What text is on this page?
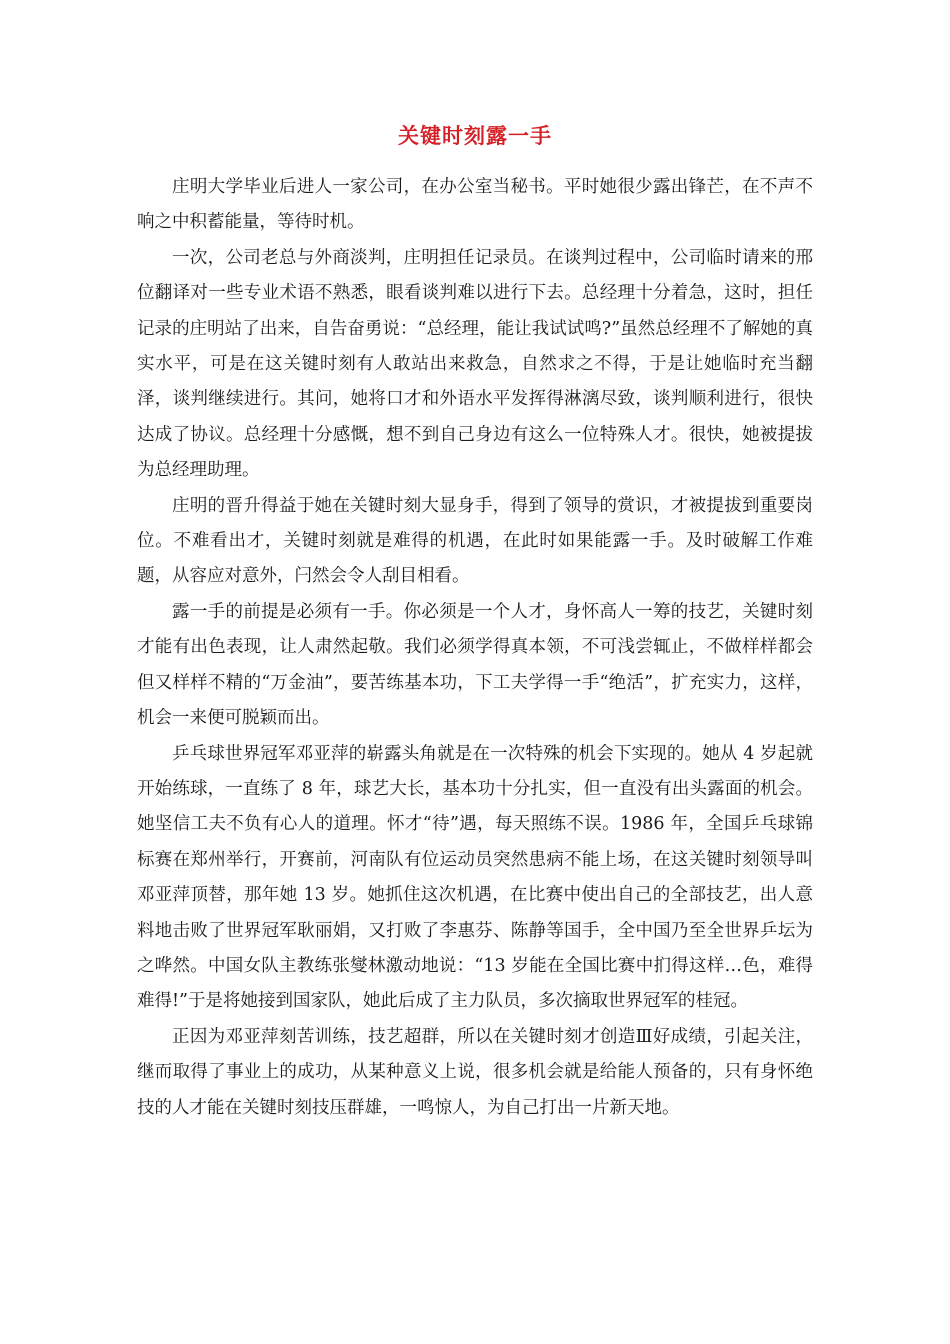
关键时刻露一手

庄明大学毕业后进人一家公司，在办公室当秘书。平时她很少露出锋芒，在不声不响之中积蓄能量，等待时机。

一次，公司老总与外商淡判，庄明担任记录员。在谈判过程中，公司临时请来的邢位翻译对一些专业术语不熟悉，眼看谈判难以进行下去。总经理十分着急，这时，担任记录的庄明站了出来，自告奋勇说：“总经理，能让我试试鸣?”虽然总经理不了解她的真实水平，可是在这关键时刻有人敢站出来救急，自然求之不得，于是让她临时充当翻泽，谈判继续进行。其问，她将口才和外语水平发挥得淋漓尽致，谈判顺利进行，很快达成了协议。总经理十分感慨，想不到自己身边有这么一位特殊人才。很快，她被提拔为总经理助理。

庄明的晋升得益于她在关键时刻大显身手，得到了领导的赏识，才被提拔到重要岗位。不难看出才，关键时刻就是难得的机遇，在此时如果能露一手。及时破解工作难题，从容应对意外，闩然会令人刮目相看。

露一手的前提是必须有一手。你必须是一个人才，身怀高人一筹的技艺，关键时刻才能有出色表现，让人肃然起敬。我们必须学得真本领，不可浅尝辄止，不做样样都会但又样样不精的“万金油”，要苦练基本功，下工夫学得一手“绝活”，扩充实力，这样，机会一来便可脱颖而出。

乒乓球世界冠军邓亚萍的崭露头角就是在一次特殊的机会下实现的。她从 4 岁起就开始练球，一直练了 8 年，球艺大长，基本功十分扎实，但一直没有出头露面的机会。她坚信工夫不负有心人的道理。怀才“待”遇，每天照练不误。1986 年，全国乒乓球锦标赛在郑州举行，开赛前，河南队有位运动员突然患病不能上场，在这关键时刻领导叫邓亚萍顶替，那年她 13 岁。她抓住这次机遇，在比赛中使出自己的全部技艺，出人意料地击败了世界冠军耿丽娟，又打败了李惠芬、陈静等国手，全中国乃至全世界乒坛为之哗然。中国女队主教练张燮林激动地说：“13 岁能在全国比赛中扪得这样…色，难得难得!”于是将她接到国家队，她此后成了主力队员，多次摘取世界冠军的桂冠。

正因为邓亚萍刻苦训练，技艺超群，所以在关键时刻才创造Ⅲ好成绩，引起关注，继而取得了事业上的成功，从某种意义上说，很多机会就是给能人预备的，只有身怀绝技的人才能在关键时刻技压群雄，一鸣惊人，为自己打出一片新天地。
